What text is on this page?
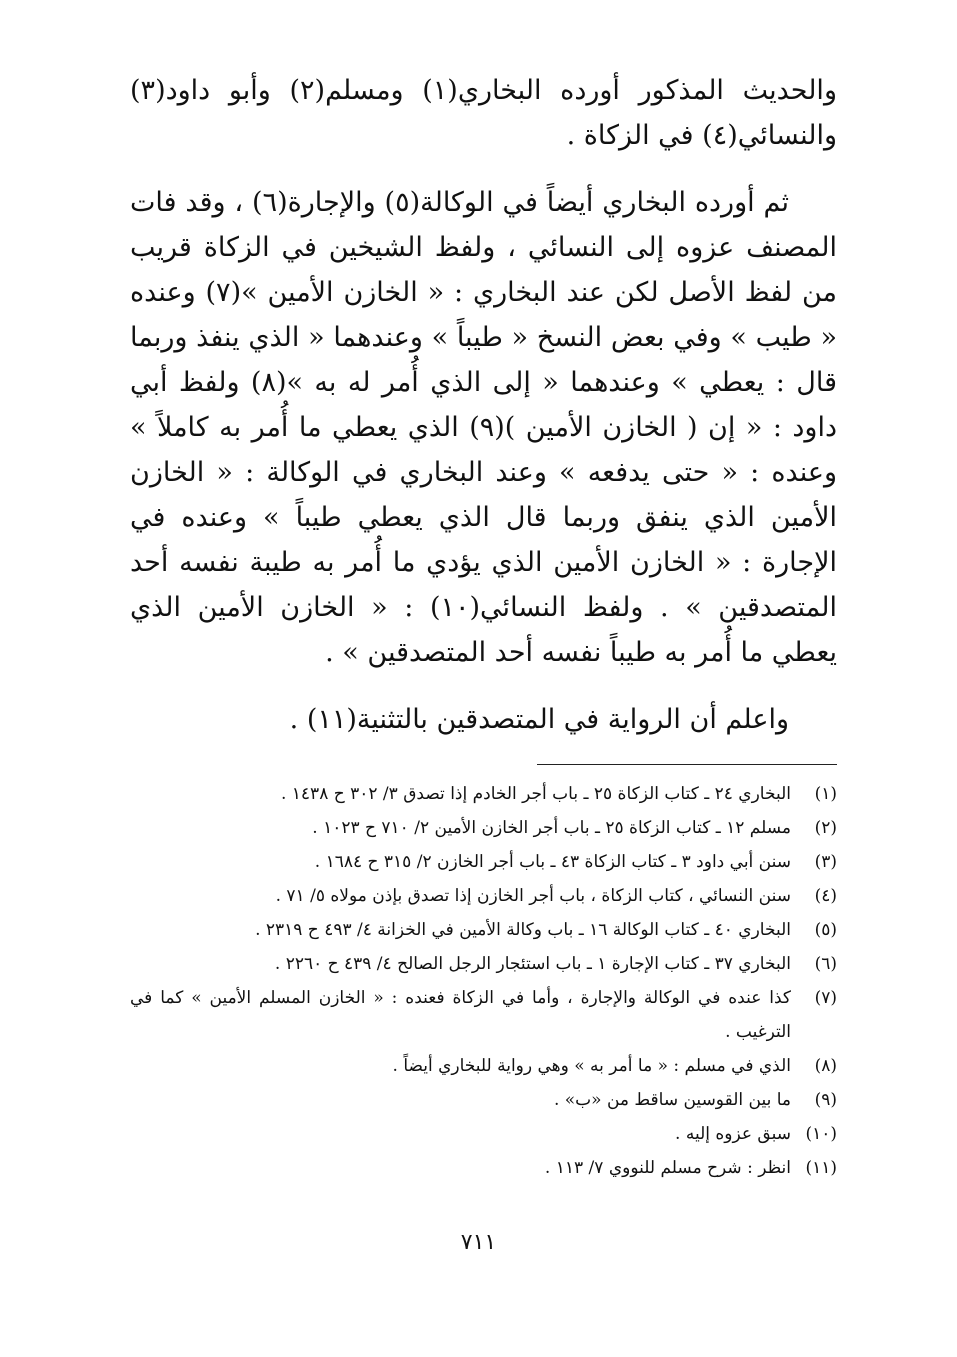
والحديث المذكور أورده البخاري(١) ومسلم(٢) وأبو داود(٣) والنسائي(٤) في الزكاة .

ثم أورده البخاري أيضاً في الوكالة(٥) والإجارة(٦) ، وقد فات المصنف عزوه إلى النسائي ، ولفظ الشيخين في الزكاة قريب من لفظ الأصل لكن عند البخاري : « الخازن الأمين »(٧) وعنده « طيب » وفي بعض النسخ « طيباً » وعندهما « الذي ينفذ وربما قال : يعطي » وعندهما « إلى الذي أُمر له به »(٨) ولفظ أبي داود : « إن ( الخازن الأمين )(٩) الذي يعطي ما أُمر به كاملاً » وعنده : « حتى يدفعه » وعند البخاري في الوكالة : « الخازن الأمين الذي ينفق وربما قال الذي يعطي طيباً » وعنده في الإجارة : « الخازن الأمين الذي يؤدي ما أُمر به طيبة نفسه أحد المتصدقين » . ولفظ النسائي(١٠) : « الخازن الأمين الذي يعطي ما أُمر به طيباً نفسه أحد المتصدقين » .

واعلم أن الرواية في المتصدقين بالتثنية(١١) .

(١)
البخاري ٢٤ ـ كتاب الزكاة ٢٥ ـ باب أجر الخادم إذا تصدق ٣/ ٣٠٢ ح ١٤٣٨ .
(٢)
مسلم ١٢ ـ كتاب الزكاة ٢٥ ـ باب أجر الخازن الأمين ٢/ ٧١٠ ح ١٠٢٣ .
(٣)
سنن أبي داود ٣ ـ كتاب الزكاة ٤٣ ـ باب أجر الخازن ٢/ ٣١٥ ح ١٦٨٤ .
(٤)
سنن النسائي ، كتاب الزكاة ، باب أجر الخازن إذا تصدق بإذن مولاه ٥/ ٧١ .
(٥)
البخاري ٤٠ ـ كتاب الوكالة ١٦ ـ باب وكالة الأمين في الخزانة ٤/ ٤٩٣ ح ٢٣١٩ .
(٦)
البخاري ٣٧ ـ كتاب الإجارة ١ ـ باب استئجار الرجل الصالح ٤/ ٤٣٩ ح ٢٢٦٠ .
(٧)
كذا عنده في الوكالة والإجارة ، وأما في الزكاة فعنده : « الخازن المسلم الأمين » كما في الترغيب .
(٨)
الذي في مسلم : « ما أمر به » وهي رواية للبخاري أيضاً .
(٩)
ما بين القوسين ساقط من «ب» .
(١٠)
سبق عزوه إليه .
(١١)
انظر : شرح مسلم للنووي ٧/ ١١٣ .
٧١١
